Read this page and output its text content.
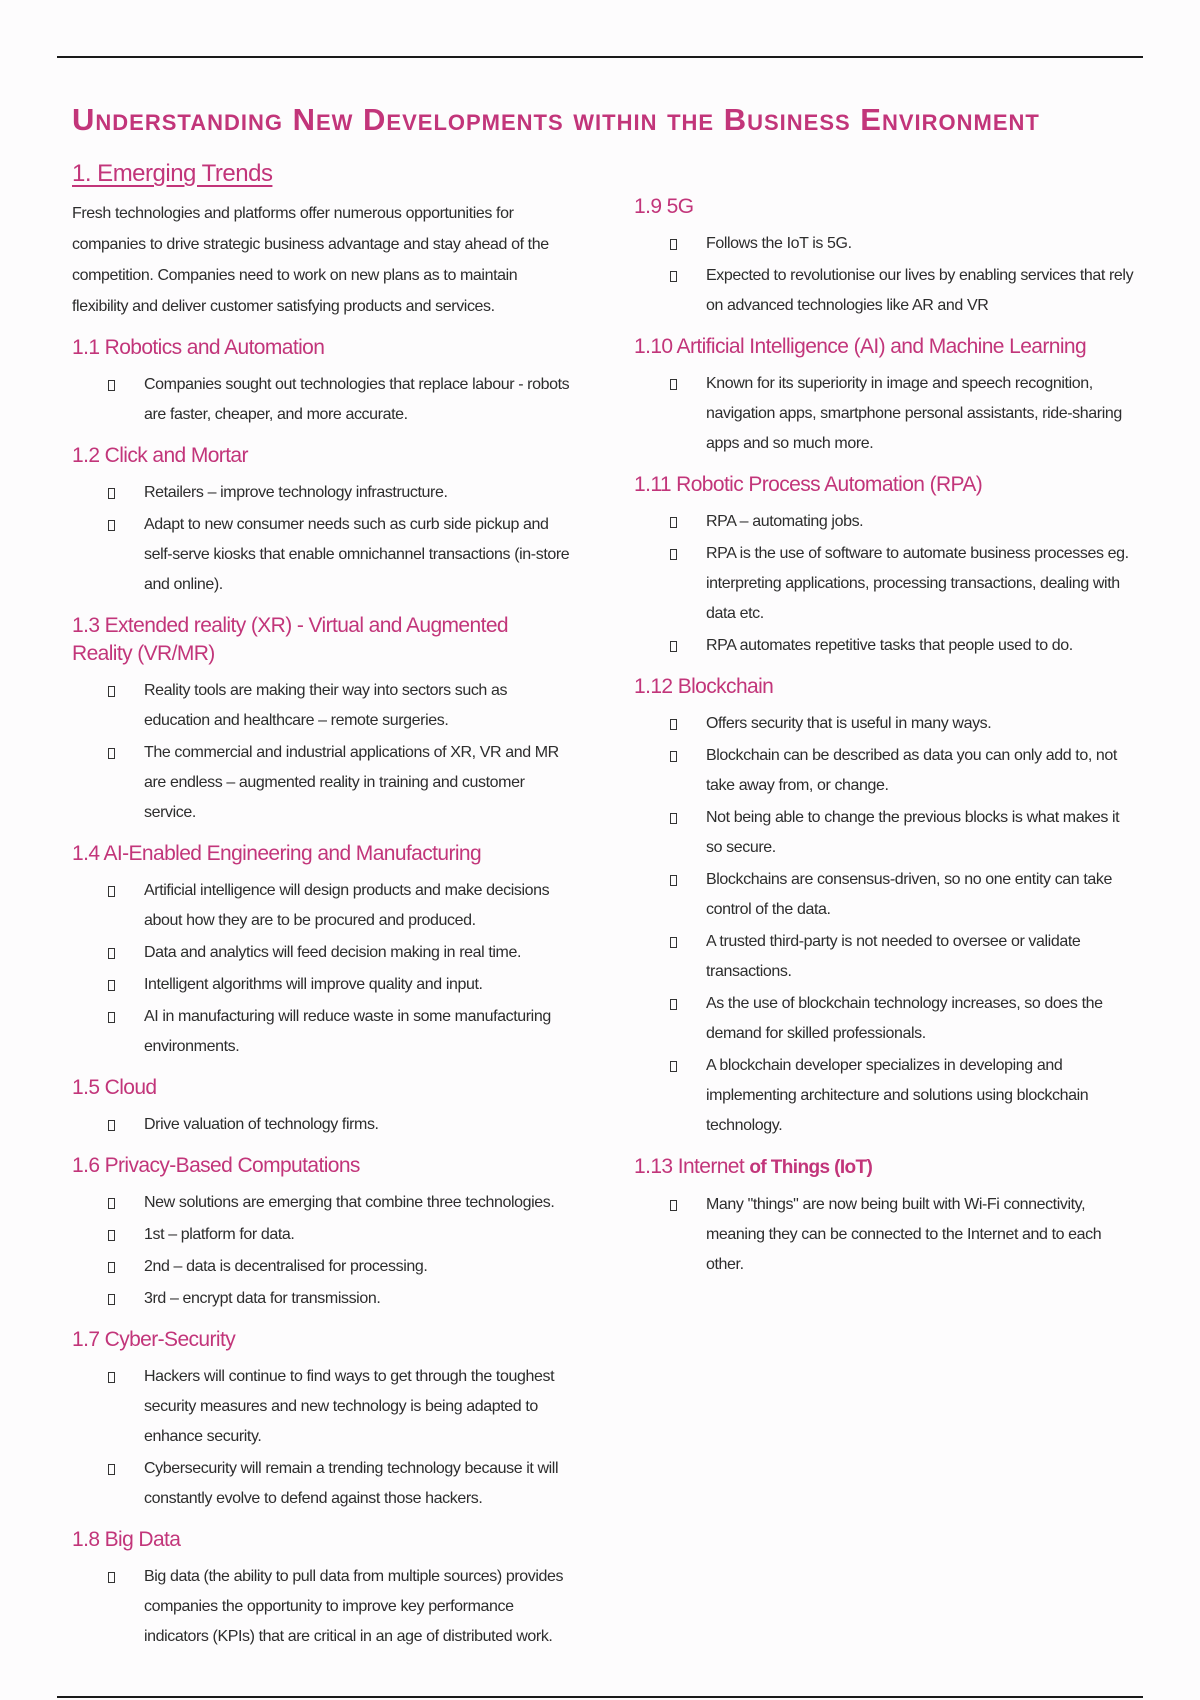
Understanding New Developments within the Business Environment
1. Emerging Trends

Fresh technologies and platforms offer numerous opportunities for companies to drive strategic business advantage and stay ahead of the competition. Companies need to work on new plans as to maintain flexibility and deliver customer satisfying products and services.

1.1 Robotics and Automation
Companies sought out technologies that replace labour - robots are faster, cheaper, and more accurate.
1.2 Click and Mortar
Retailers – improve technology infrastructure.
Adapt to new consumer needs such as curb side pickup and self-serve kiosks that enable omnichannel transactions (in-store and online).
1.3 Extended reality (XR) - Virtual and Augmented Reality (VR/MR)
Reality tools are making their way into sectors such as education and healthcare – remote surgeries.
The commercial and industrial applications of XR, VR and MR are endless – augmented reality in training and customer service.
1.4 AI-Enabled Engineering and Manufacturing
Artificial intelligence will design products and make decisions about how they are to be procured and produced.
Data and analytics will feed decision making in real time.
Intelligent algorithms will improve quality and input.
AI in manufacturing will reduce waste in some manufacturing environments.
1.5 Cloud
Drive valuation of technology firms.
1.6 Privacy-Based Computations
New solutions are emerging that combine three technologies.
1st – platform for data.
2nd – data is decentralised for processing.
3rd – encrypt data for transmission.
1.7 Cyber-Security
Hackers will continue to find ways to get through the toughest security measures and new technology is being adapted to enhance security.
Cybersecurity will remain a trending technology because it will constantly evolve to defend against those hackers.
1.8 Big Data
Big data (the ability to pull data from multiple sources) provides companies the opportunity to improve key performance indicators (KPIs) that are critical in an age of distributed work.
1.9 5G
Follows the IoT is 5G.
Expected to revolutionise our lives by enabling services that rely on advanced technologies like AR and VR
1.10 Artificial Intelligence (AI) and Machine Learning
Known for its superiority in image and speech recognition, navigation apps, smartphone personal assistants, ride-sharing apps and so much more.
1.11 Robotic Process Automation (RPA)
RPA – automating jobs.
RPA is the use of software to automate business processes eg. interpreting applications, processing transactions, dealing with data etc.
RPA automates repetitive tasks that people used to do.
1.12 Blockchain
Offers security that is useful in many ways.
Blockchain can be described as data you can only add to, not take away from, or change.
Not being able to change the previous blocks is what makes it so secure.
Blockchains are consensus-driven, so no one entity can take control of the data.
A trusted third-party is not needed to oversee or validate transactions.
As the use of blockchain technology increases, so does the demand for skilled professionals.
A blockchain developer specializes in developing and implementing architecture and solutions using blockchain technology.
1.13 Internet of Things (IoT)
Many "things" are now being built with Wi-Fi connectivity, meaning they can be connected to the Internet and to each other.
